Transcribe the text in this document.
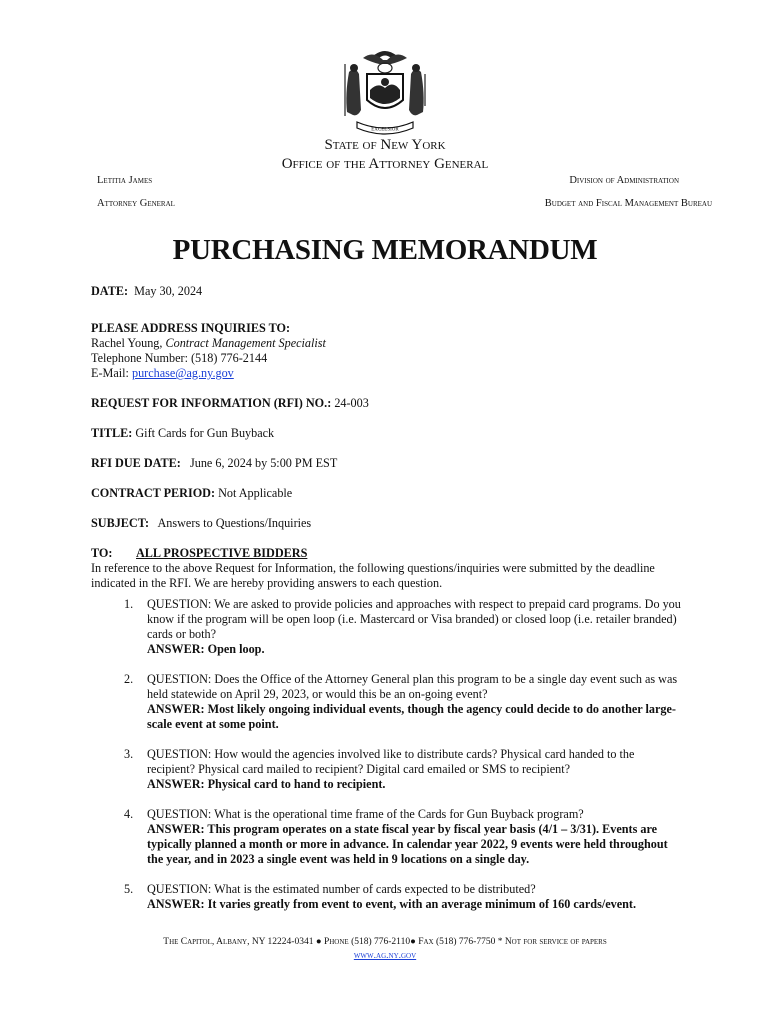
EXCELSIOR
State of New York
Office of the Attorney General
Letitia James
Attorney General
Division of Administration
Budget and Fiscal Management Bureau
PURCHASING MEMORANDUM
DATE: May 30, 2024
PLEASE ADDRESS INQUIRIES TO:
Rachel Young, Contract Management Specialist
Telephone Number: (518) 776-2144
E-Mail: purchase@ag.ny.gov
REQUEST FOR INFORMATION (RFI) NO.: 24-003
TITLE: Gift Cards for Gun Buyback
RFI DUE DATE: June 6, 2024 by 5:00 PM EST
CONTRACT PERIOD: Not Applicable
SUBJECT: Answers to Questions/Inquiries
TO: ALL PROSPECTIVE BIDDERS
In reference to the above Request for Information, the following questions/inquiries were submitted by the deadline indicated in the RFI. We are hereby providing answers to each question.
1. QUESTION: We are asked to provide policies and approaches with respect to prepaid card programs. Do you know if the program will be open loop (i.e. Mastercard or Visa branded) or closed loop (i.e. retailer branded) cards or both?
ANSWER: Open loop.
2. QUESTION: Does the Office of the Attorney General plan this program to be a single day event such as was held statewide on April 29, 2023, or would this be an on-going event?
ANSWER: Most likely ongoing individual events, though the agency could decide to do another large-scale event at some point.
3. QUESTION: How would the agencies involved like to distribute cards? Physical card handed to the recipient? Physical card mailed to recipient? Digital card emailed or SMS to recipient?
ANSWER: Physical card to hand to recipient.
4. QUESTION: What is the operational time frame of the Cards for Gun Buyback program?
ANSWER: This program operates on a state fiscal year by fiscal year basis (4/1 – 3/31). Events are typically planned a month or more in advance. In calendar year 2022, 9 events were held throughout the year, and in 2023 a single event was held in 9 locations on a single day.
5. QUESTION: What is the estimated number of cards expected to be distributed?
ANSWER: It varies greatly from event to event, with an average minimum of 160 cards/event.
The Capitol, Albany, NY 12224-0341 ● Phone (518) 776-2110● Fax (518) 776-7750 * Not for service of papers
www.ag.ny.gov
